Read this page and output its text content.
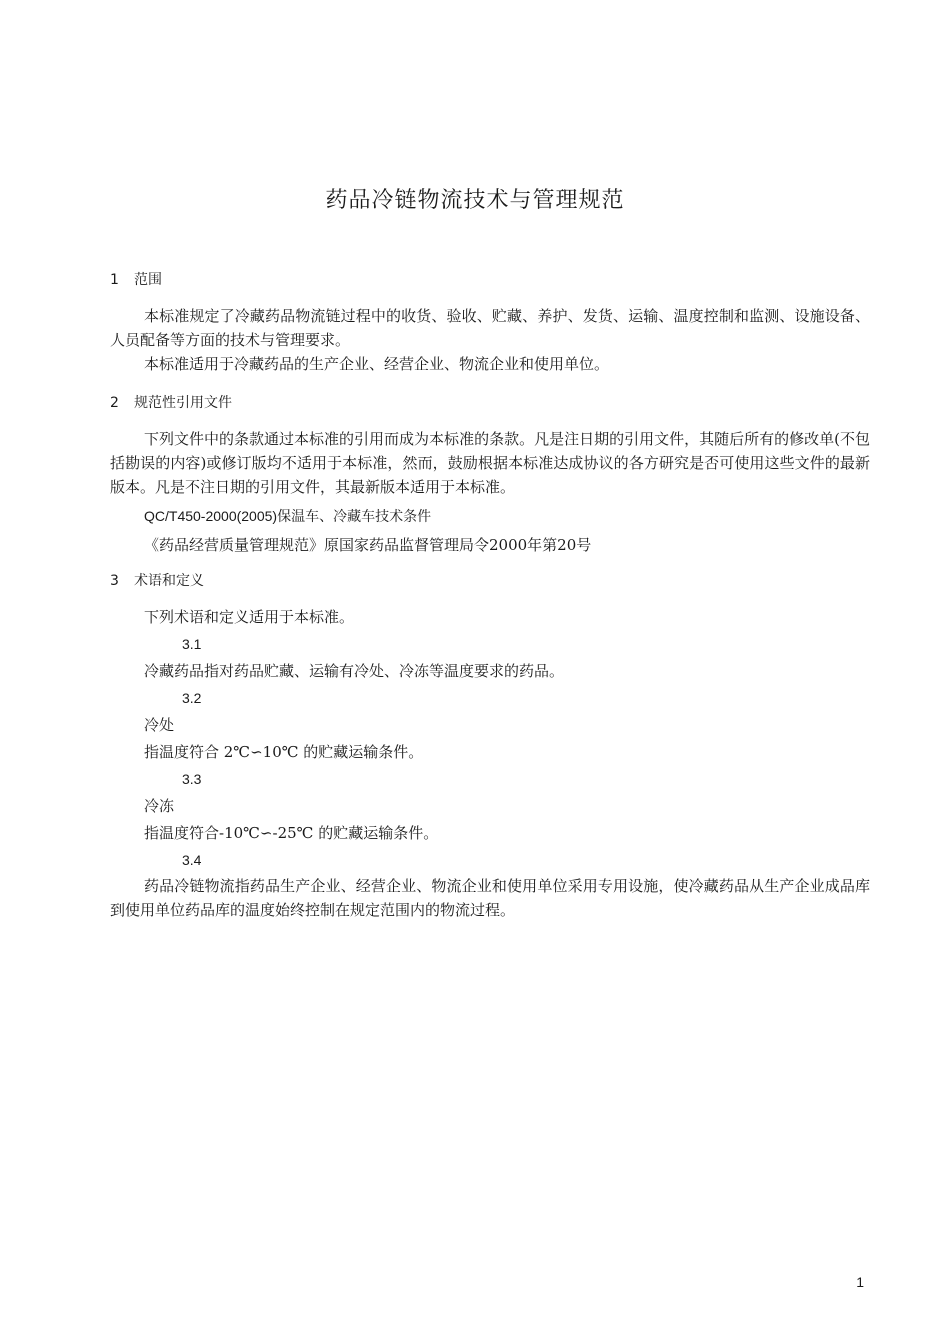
药品冷链物流技术与管理规范
1 范围
本标准规定了冷藏药品物流链过程中的收货、验收、贮藏、养护、发货、运输、温度控制和监测、设施设备、人员配备等方面的技术与管理要求。
本标准适用于冷藏药品的生产企业、经营企业、物流企业和使用单位。
2 规范性引用文件
下列文件中的条款通过本标准的引用而成为本标准的条款。凡是注日期的引用文件，其随后所有的修改单(不包括勘误的内容)或修订版均不适用于本标准，然而，鼓励根据本标准达成协议的各方研究是否可使用这些文件的最新版本。凡是不注日期的引用文件，其最新版本适用于本标准。
QC/T450-2000(2005)保温车、冷藏车技术条件
《药品经营质量管理规范》原国家药品监督管理局令2000年第20号
3 术语和定义
下列术语和定义适用于本标准。
3.1
冷藏药品指对药品贮藏、运输有冷处、冷冻等温度要求的药品。
3.2
冷处
指温度符合 2℃∽10℃ 的贮藏运输条件。
3.3
冷冻
指温度符合-10℃∽-25℃ 的贮藏运输条件。
3.4
药品冷链物流指药品生产企业、经营企业、物流企业和使用单位采用专用设施，使冷藏药品从生产企业成品库到使用单位药品库的温度始终控制在规定范围内的物流过程。
1
